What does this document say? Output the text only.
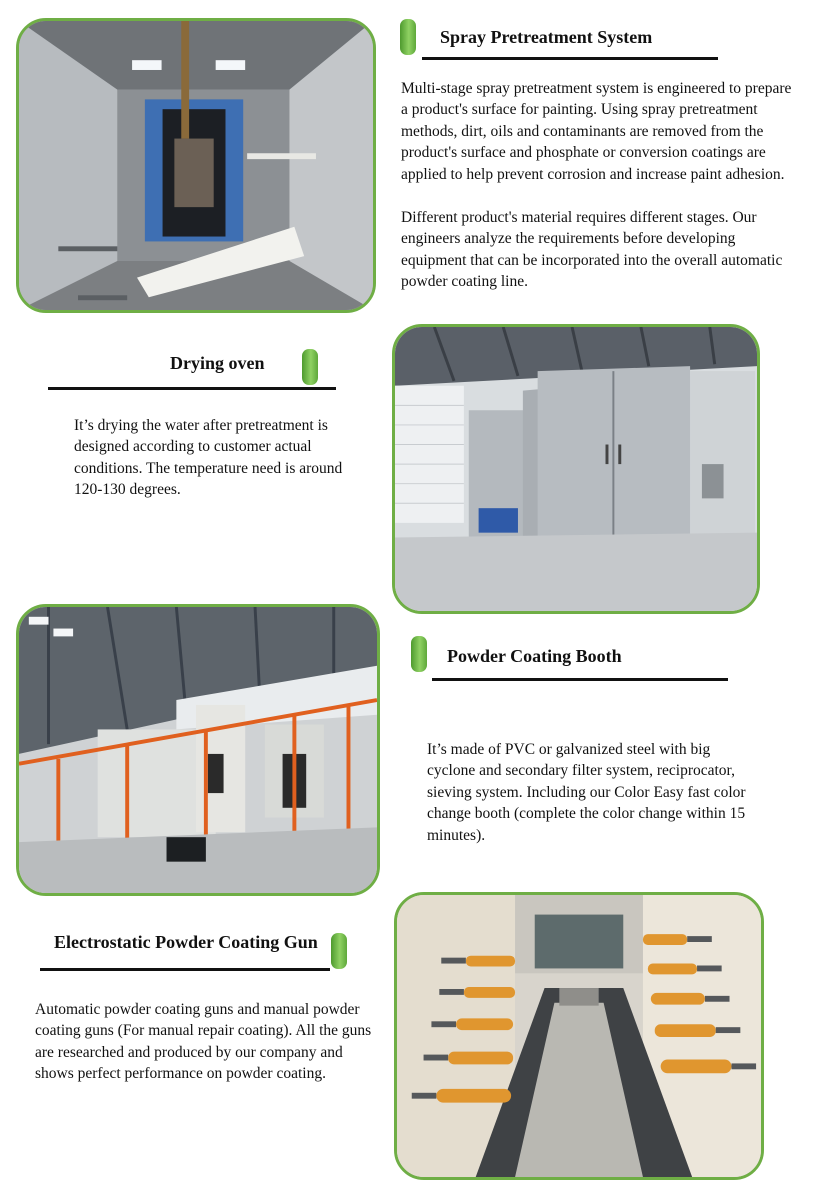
Spray Pretreatment System

Multi-stage spray pretreatment system is engineered to prepare a product's surface for painting. Using spray pretreatment methods, dirt, oils and contaminants are removed from the product's surface and phosphate or conversion coatings are applied to help prevent corrosion and increase paint adhesion.

Different product's material requires different stages. Our engineers analyze the requirements before developing equipment that can be incorporated into the overall automatic powder coating line.

Drying oven

It’s drying the water after pretreatment is designed according to customer actual conditions. The temperature need is around 120-130 degrees.

Powder Coating Booth

It’s made of PVC or galvanized steel with big cyclone and secondary filter system, reciprocator, sieving system. Including our Color Easy fast color change booth (complete the color change within 15 minutes).

Electrostatic Powder Coating Gun

Automatic powder coating guns and manual powder coating guns (For manual repair coating). All the guns are researched and produced by our company and shows perfect performance on powder coating.
